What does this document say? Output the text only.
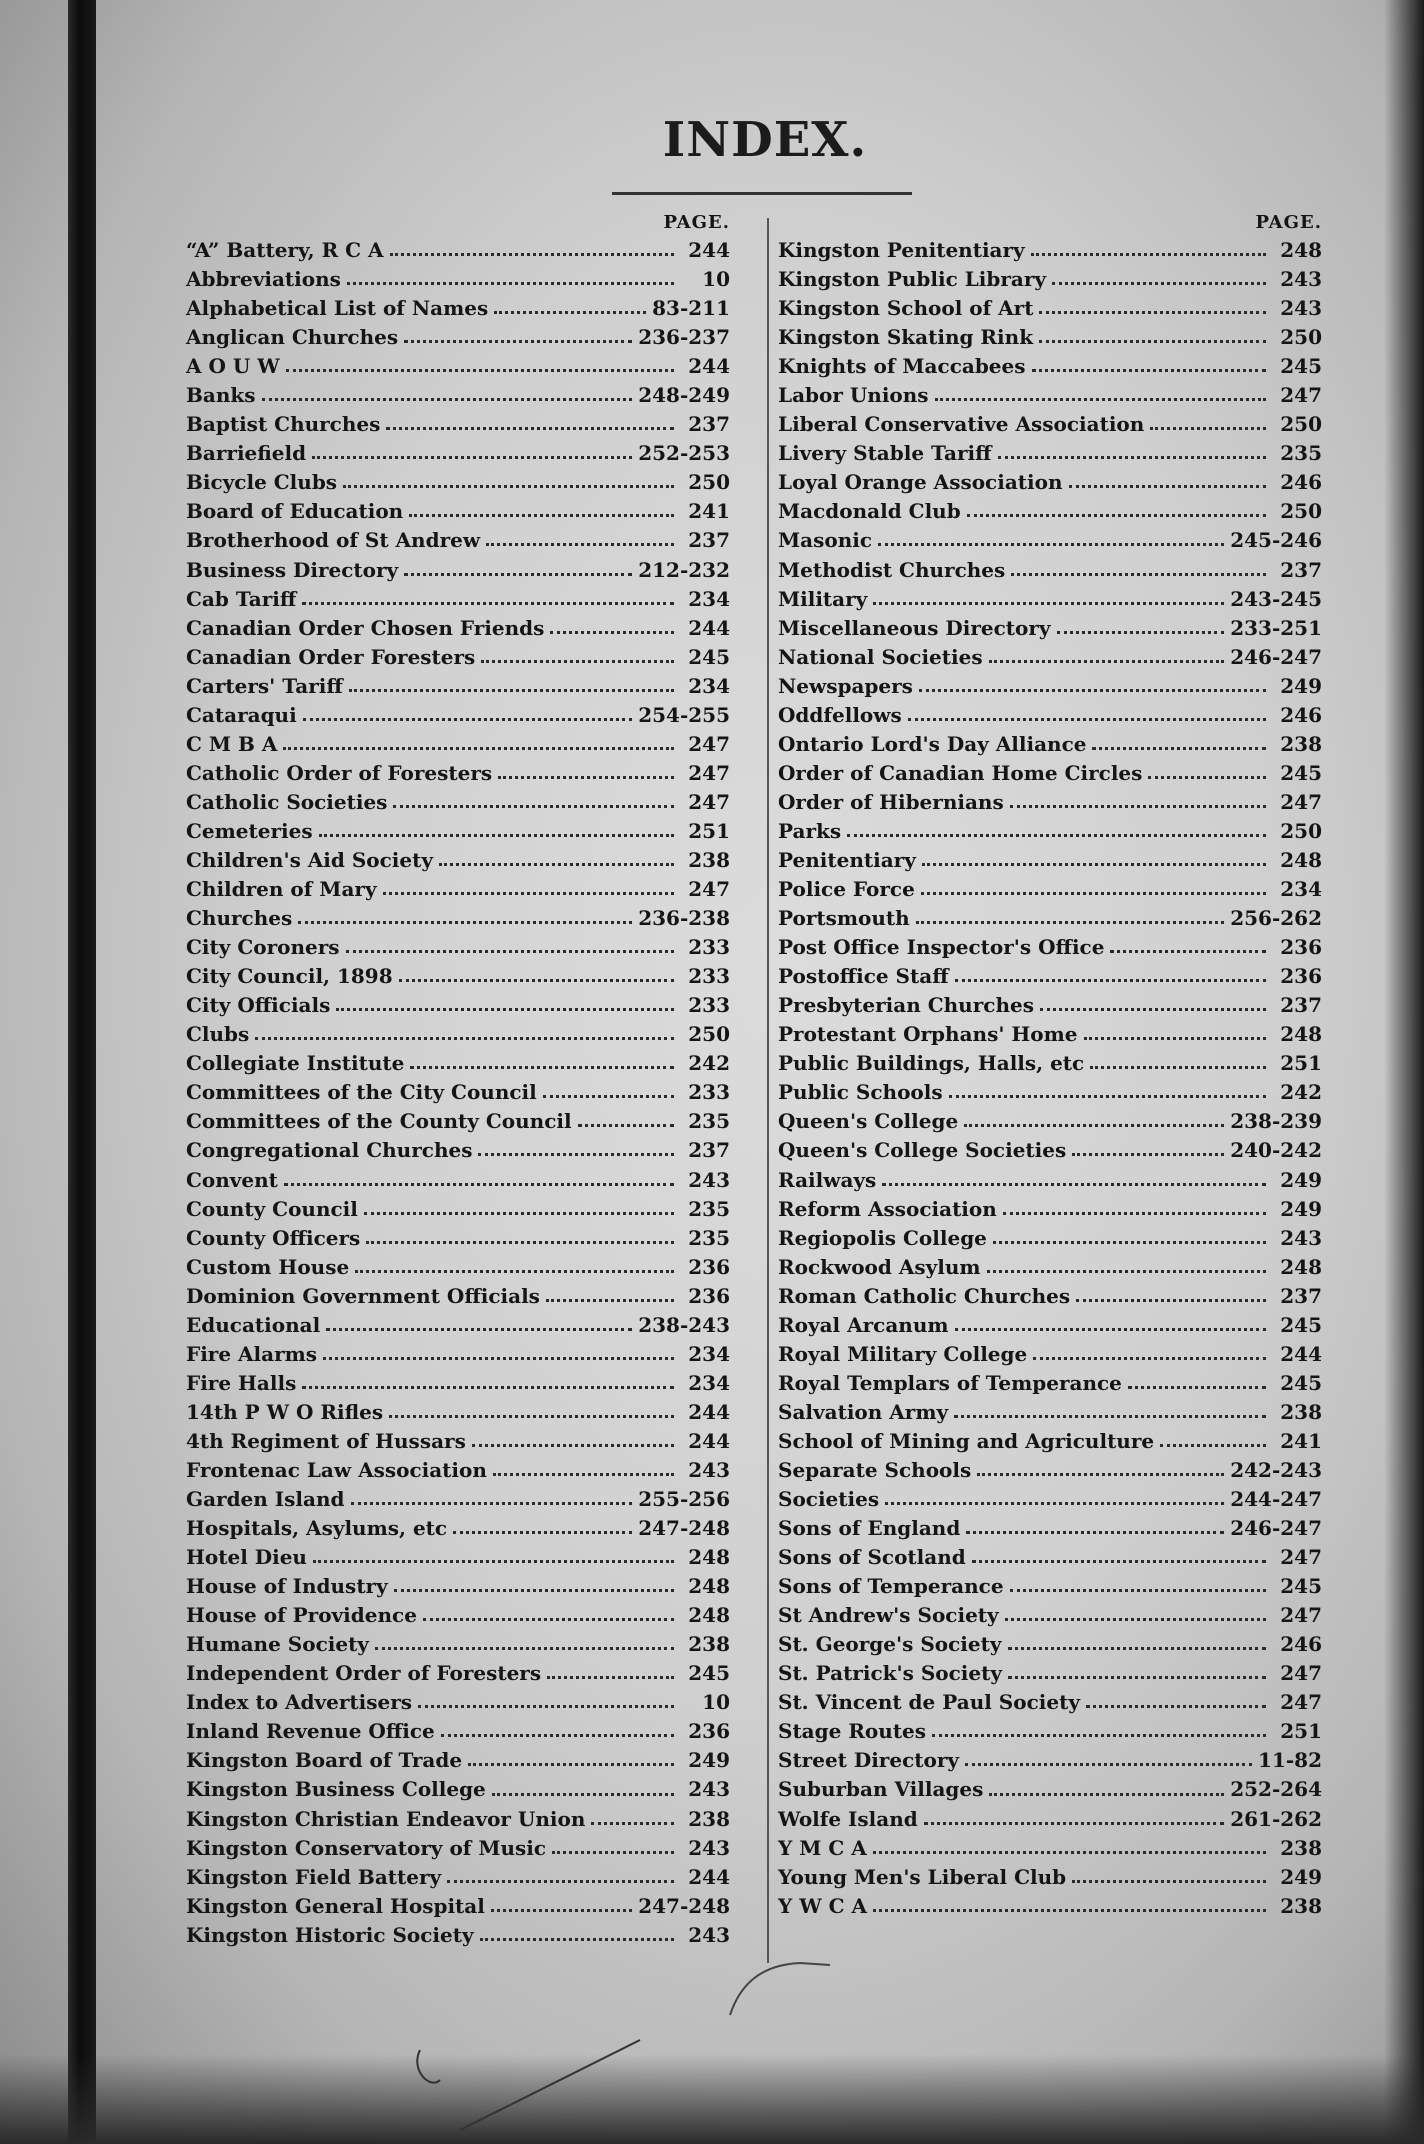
INDEX.
PAGE.
“A” Battery, R C A	244
Abbreviations	10
Alphabetical List of Names	83-211
Anglican Churches	236-237
A O U W	244
Banks	248-249
Baptist Churches	237
Barriefield	252-253
Bicycle Clubs	250
Board of Education	241
Brotherhood of St Andrew	237
Business Directory	212-232
Cab Tariff	234
Canadian Order Chosen Friends	244
Canadian Order Foresters	245
Carters' Tariff	234
Cataraqui	254-255
C M B A	247
Catholic Order of Foresters	247
Catholic Societies	247
Cemeteries	251
Children's Aid Society	238
Children of Mary	247
Churches	236-238
City Coroners	233
City Council, 1898	233
City Officials	233
Clubs	250
Collegiate Institute	242
Committees of the City Council	233
Committees of the County Council	235
Congregational Churches	237
Convent	243
County Council	235
County Officers	235
Custom House	236
Dominion Government Officials	236
Educational	238-243
Fire Alarms	234
Fire Halls	234
14th P W O Rifles	244
4th Regiment of Hussars	244
Frontenac Law Association	243
Garden Island	255-256
Hospitals, Asylums, etc	247-248
Hotel Dieu	248
House of Industry	248
House of Providence	248
Humane Society	238
Independent Order of Foresters	245
Index to Advertisers	10
Inland Revenue Office	236
Kingston Board of Trade	249
Kingston Business College	243
Kingston Christian Endeavor Union	238
Kingston Conservatory of Music	243
Kingston Field Battery	244
Kingston General Hospital	247-248
Kingston Historic Society	243
PAGE.
Kingston Penitentiary	248
Kingston Public Library	243
Kingston School of Art	243
Kingston Skating Rink	250
Knights of Maccabees	245
Labor Unions	247
Liberal Conservative Association	250
Livery Stable Tariff	235
Loyal Orange Association	246
Macdonald Club	250
Masonic	245-246
Methodist Churches	237
Military	243-245
Miscellaneous Directory	233-251
National Societies	246-247
Newspapers	249
Oddfellows	246
Ontario Lord's Day Alliance	238
Order of Canadian Home Circles	245
Order of Hibernians	247
Parks	250
Penitentiary	248
Police Force	234
Portsmouth	256-262
Post Office Inspector's Office	236
Postoffice Staff	236
Presbyterian Churches	237
Protestant Orphans' Home	248
Public Buildings, Halls, etc	251
Public Schools	242
Queen's College	238-239
Queen's College Societies	240-242
Railways	249
Reform Association	249
Regiopolis College	243
Rockwood Asylum	248
Roman Catholic Churches	237
Royal Arcanum	245
Royal Military College	244
Royal Templars of Temperance	245
Salvation Army	238
School of Mining and Agriculture	241
Separate Schools	242-243
Societies	244-247
Sons of England	246-247
Sons of Scotland	247
Sons of Temperance	245
St Andrew's Society	247
St. George's Society	246
St. Patrick's Society	247
St. Vincent de Paul Society	247
Stage Routes	251
Street Directory	11-82
Suburban Villages	252-264
Wolfe Island	261-262
Y M C A	238
Young Men's Liberal Club	249
Y W C A	238
